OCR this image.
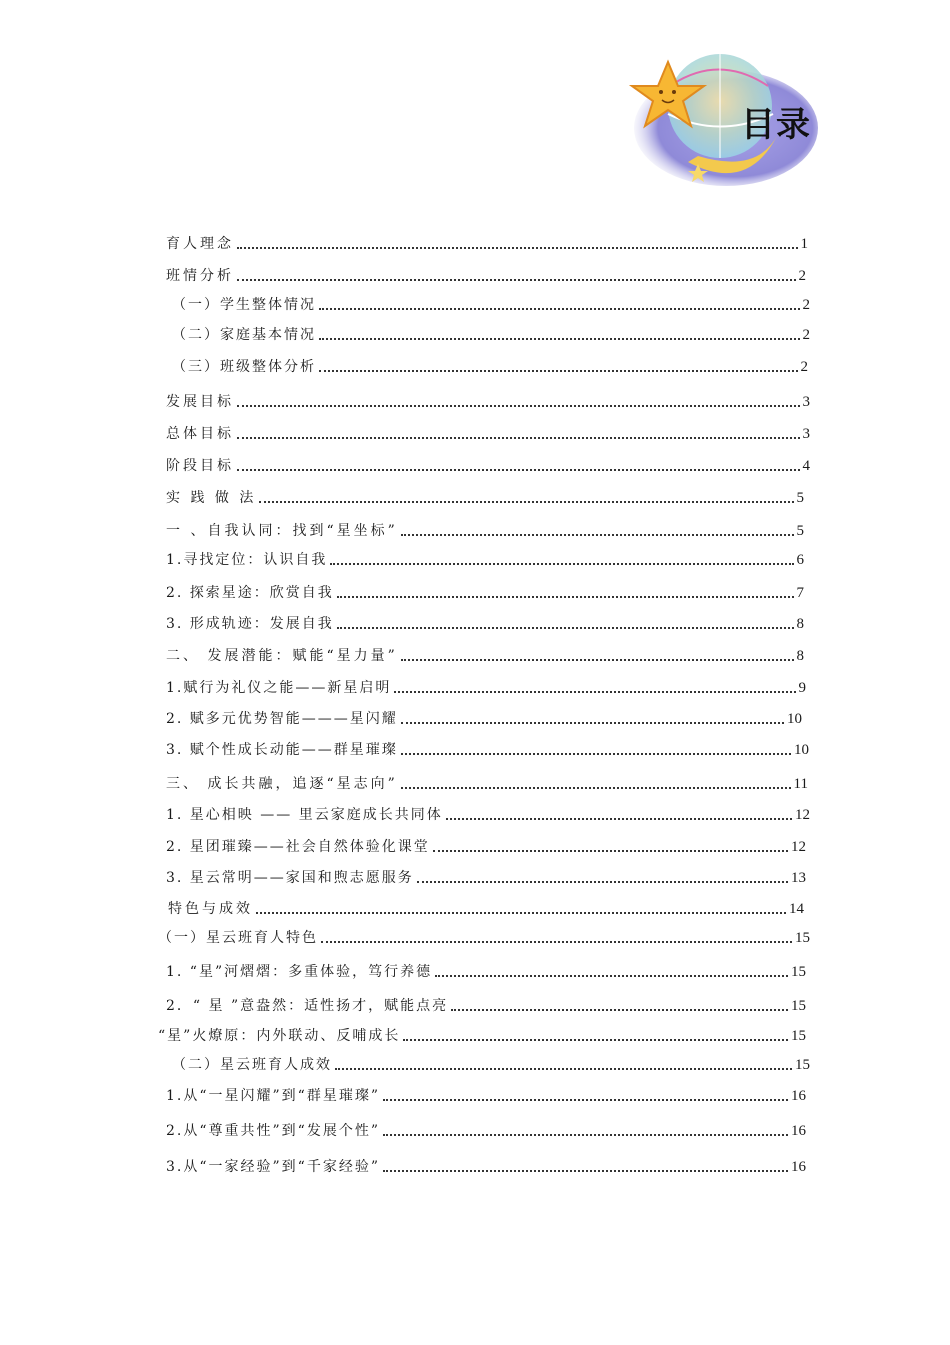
目录
育人理念	1
班情分析	2
（一）学生整体情况	2
（二）家庭基本情况	2
（三）班级整体分析	2
发展目标	3
总体目标	3
阶段目标	4
实 践 做 法	5
一 、自我认同：找到“星坐标”	5
1.寻找定位：认识自我	6
2. 探索星途：欣赏自我	7
3. 形成轨迹：发展自我	8
二、 发展潜能：赋能“星力量”	8
1.赋行为礼仪之能——新星启明	9
2. 赋多元优势智能———星闪耀	10
3. 赋个性成长动能——群星璀璨	10
三、 成长共融，追逐“星志向”	11
1. 星心相映 —— 里云家庭成长共同体	12
2. 星团璀臻——社会自然体验化课堂	12
3. 星云常明——家国和煦志愿服务	13
特色与成效	14
（一）星云班育人特色	15
1. “星”河熠熠：多重体验，笃行养德	15
2．“ 星 ”意盎然：适性扬才，赋能点亮	15
“星”火燎原：内外联动、反哺成长	15
（二）星云班育人成效	15
1.从“一星闪耀”到“群星璀璨”	16
2.从“尊重共性”到“发展个性”	16
3.从“一家经验”到“千家经验”	16
